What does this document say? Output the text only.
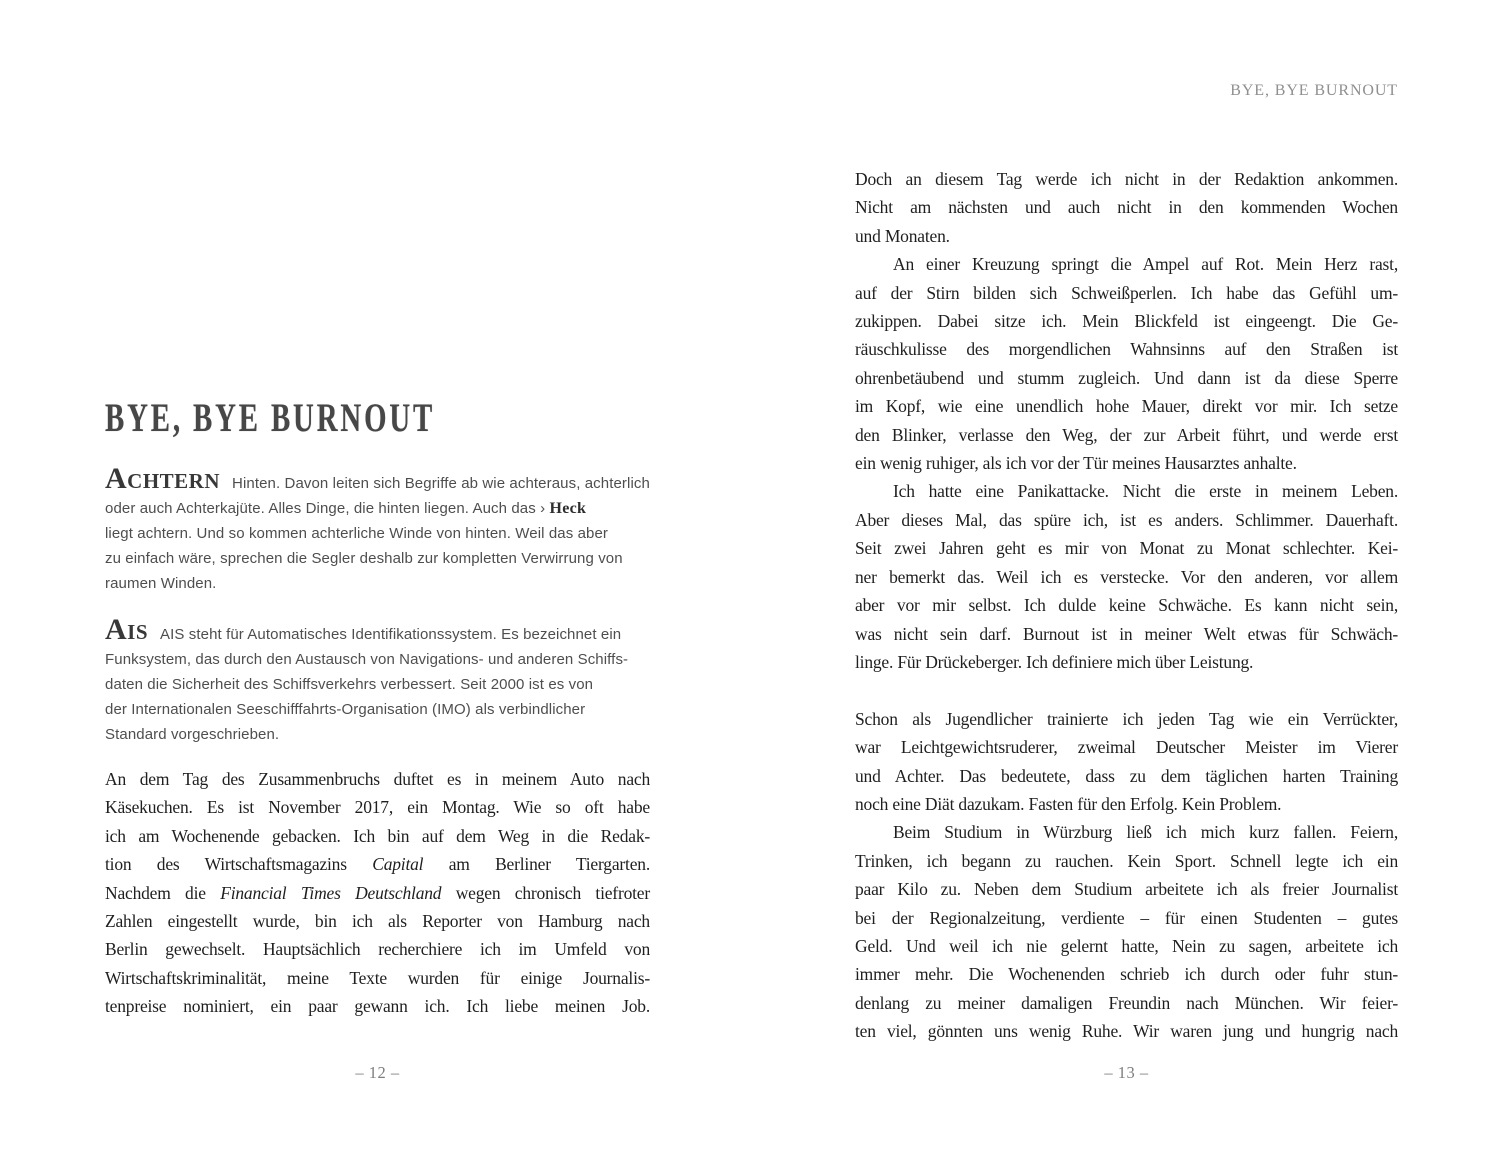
BYE, BYE BURNOUT
Achtern Hinten. Davon leiten sich Begriffe ab wie achteraus, achterlich
oder auch Achterkajüte. Alles Dinge, die hinten liegen. Auch das › Heck
liegt achtern. Und so kommen achterliche Winde von hinten. Weil das aber
zu einfach wäre, sprechen die Segler deshalb zur kompletten Verwirrung von
raumen Winden.
Ais AIS steht für Automatisches Identifikationssystem. Es bezeichnet ein
Funksystem, das durch den Austausch von Navigations- und anderen Schiffs-
daten die Sicherheit des Schiffsverkehrs verbessert. Seit 2000 ist es von
der Internationalen Seeschifffahrts-Organisation (IMO) als verbindlicher
Standard vorgeschrieben.
An dem Tag des Zusammenbruchs duftet es in meinem Auto nach
Käsekuchen. Es ist November 2017, ein Montag. Wie so oft habe
ich am Wochenende gebacken. Ich bin auf dem Weg in die Redak-
tion des Wirtschaftsmagazins Capital am Berliner Tiergarten.
Nachdem die Financial Times Deutschland wegen chronisch tiefroter
Zahlen eingestellt wurde, bin ich als Reporter von Hamburg nach
Berlin gewechselt. Hauptsächlich recherchiere ich im Umfeld von
Wirtschaftskriminalität, meine Texte wurden für einige Journalis-
tenpreise nominiert, ein paar gewann ich. Ich liebe meinen Job.
– 12 –
BYE, BYE BURNOUT
Doch an diesem Tag werde ich nicht in der Redaktion ankommen.
Nicht am nächsten und auch nicht in den kommenden Wochen
und Monaten.
An einer Kreuzung springt die Ampel auf Rot. Mein Herz rast,
auf der Stirn bilden sich Schweißperlen. Ich habe das Gefühl um-
zukippen. Dabei sitze ich. Mein Blickfeld ist eingeengt. Die Ge-
räuschkulisse des morgendlichen Wahnsinns auf den Straßen ist
ohrenbetäubend und stumm zugleich. Und dann ist da diese Sperre
im Kopf, wie eine unendlich hohe Mauer, direkt vor mir. Ich setze
den Blinker, verlasse den Weg, der zur Arbeit führt, und werde erst
ein wenig ruhiger, als ich vor der Tür meines Hausarztes anhalte.
Ich hatte eine Panikattacke. Nicht die erste in meinem Leben.
Aber dieses Mal, das spüre ich, ist es anders. Schlimmer. Dauerhaft.
Seit zwei Jahren geht es mir von Monat zu Monat schlechter. Kei-
ner bemerkt das. Weil ich es verstecke. Vor den anderen, vor allem
aber vor mir selbst. Ich dulde keine Schwäche. Es kann nicht sein,
was nicht sein darf. Burnout ist in meiner Welt etwas für Schwäch-
linge. Für Drückeberger. Ich definiere mich über Leistung.
Schon als Jugendlicher trainierte ich jeden Tag wie ein Verrückter,
war Leichtgewichtsruderer, zweimal Deutscher Meister im Vierer
und Achter. Das bedeutete, dass zu dem täglichen harten Training
noch eine Diät dazukam. Fasten für den Erfolg. Kein Problem.
Beim Studium in Würzburg ließ ich mich kurz fallen. Feiern,
Trinken, ich begann zu rauchen. Kein Sport. Schnell legte ich ein
paar Kilo zu. Neben dem Studium arbeitete ich als freier Journalist
bei der Regionalzeitung, verdiente – für einen Studenten – gutes
Geld. Und weil ich nie gelernt hatte, Nein zu sagen, arbeitete ich
immer mehr. Die Wochenenden schrieb ich durch oder fuhr stun-
denlang zu meiner damaligen Freundin nach München. Wir feier-
ten viel, gönnten uns wenig Ruhe. Wir waren jung und hungrig nach
– 13 –
